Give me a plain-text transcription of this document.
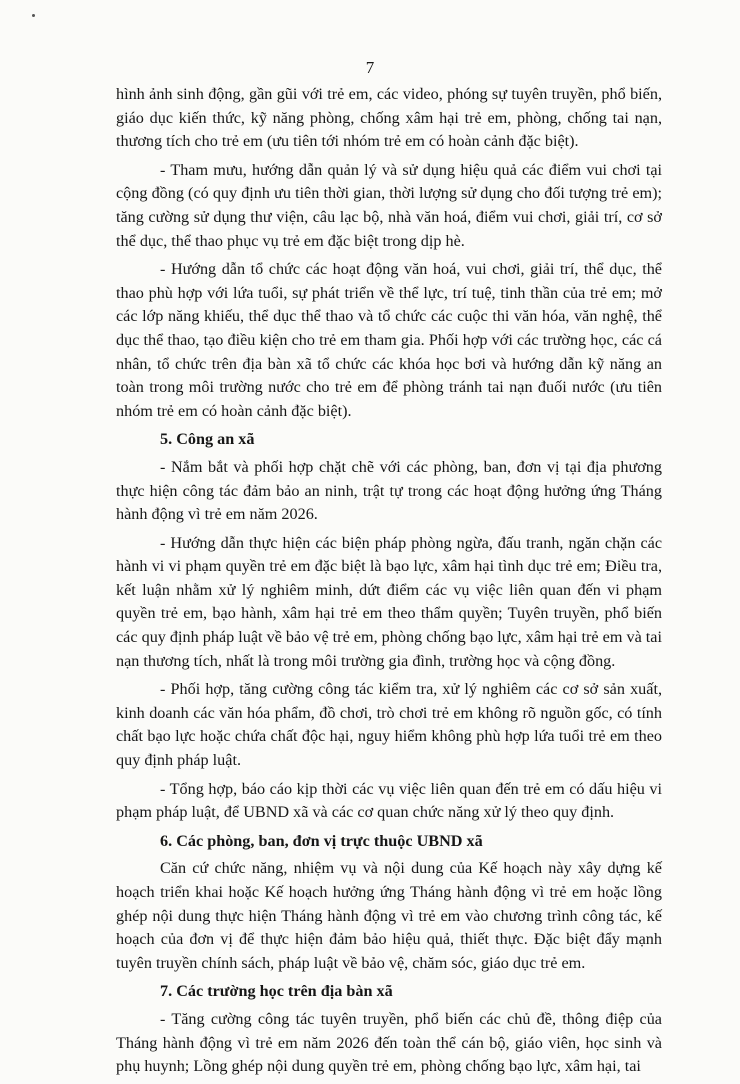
7

hình ảnh sinh động, gần gũi với trẻ em, các video, phóng sự tuyên truyền, phổ biến, giáo dục kiến thức, kỹ năng phòng, chống xâm hại trẻ em, phòng, chống tai nạn, thương tích cho trẻ em (ưu tiên tới nhóm trẻ em có hoàn cảnh đặc biệt).

- Tham mưu, hướng dẫn quản lý và sử dụng hiệu quả các điểm vui chơi tại cộng đồng (có quy định ưu tiên thời gian, thời lượng sử dụng cho đối tượng trẻ em); tăng cường sử dụng thư viện, câu lạc bộ, nhà văn hoá, điểm vui chơi, giải trí, cơ sở thể dục, thể thao phục vụ trẻ em đặc biệt trong dịp hè.

- Hướng dẫn tổ chức các hoạt động văn hoá, vui chơi, giải trí, thể dục, thể thao phù hợp với lứa tuổi, sự phát triển về thể lực, trí tuệ, tinh thần của trẻ em; mở các lớp năng khiếu, thể dục thể thao và tổ chức các cuộc thi văn hóa, văn nghệ, thể dục thể thao, tạo điều kiện cho trẻ em tham gia. Phối hợp với các trường học, các cá nhân, tổ chức trên địa bàn xã tổ chức các khóa học bơi và hướng dẫn kỹ năng an toàn trong môi trường nước cho trẻ em để phòng tránh tai nạn đuối nước (ưu tiên nhóm trẻ em có hoàn cảnh đặc biệt).

5. Công an xã

- Nắm bắt và phối hợp chặt chẽ với các phòng, ban, đơn vị tại địa phương thực hiện công tác đảm bảo an ninh, trật tự trong các hoạt động hưởng ứng Tháng hành động vì trẻ em năm 2026.

- Hướng dẫn thực hiện các biện pháp phòng ngừa, đấu tranh, ngăn chặn các hành vi vi phạm quyền trẻ em đặc biệt là bạo lực, xâm hại tình dục trẻ em; Điều tra, kết luận nhằm xử lý nghiêm minh, dứt điểm các vụ việc liên quan đến vi phạm quyền trẻ em, bạo hành, xâm hại trẻ em theo thẩm quyền; Tuyên truyền, phổ biến các quy định pháp luật về bảo vệ trẻ em, phòng chống bạo lực, xâm hại trẻ em và tai nạn thương tích, nhất là trong môi trường gia đình, trường học và cộng đồng.

- Phối hợp, tăng cường công tác kiểm tra, xử lý nghiêm các cơ sở sản xuất, kinh doanh các văn hóa phẩm, đồ chơi, trò chơi trẻ em không rõ nguồn gốc, có tính chất bạo lực hoặc chứa chất độc hại, nguy hiểm không phù hợp lứa tuổi trẻ em theo quy định pháp luật.

- Tổng hợp, báo cáo kịp thời các vụ việc liên quan đến trẻ em có dấu hiệu vi phạm pháp luật, để UBND xã và các cơ quan chức năng xử lý theo quy định.

6. Các phòng, ban, đơn vị trực thuộc UBND xã

Căn cứ chức năng, nhiệm vụ và nội dung của Kế hoạch này xây dựng kế hoạch triển khai hoặc Kế hoạch hưởng ứng Tháng hành động vì trẻ em hoặc lồng ghép nội dung thực hiện Tháng hành động vì trẻ em vào chương trình công tác, kế hoạch của đơn vị để thực hiện đảm bảo hiệu quả, thiết thực. Đặc biệt đẩy mạnh tuyên truyền chính sách, pháp luật về bảo vệ, chăm sóc, giáo dục trẻ em.

7. Các trường học trên địa bàn xã

- Tăng cường công tác tuyên truyền, phổ biến các chủ đề, thông điệp của Tháng hành động vì trẻ em năm 2026 đến toàn thể cán bộ, giáo viên, học sinh và phụ huynh; Lồng ghép nội dung quyền trẻ em, phòng chống bạo lực, xâm hại, tai
